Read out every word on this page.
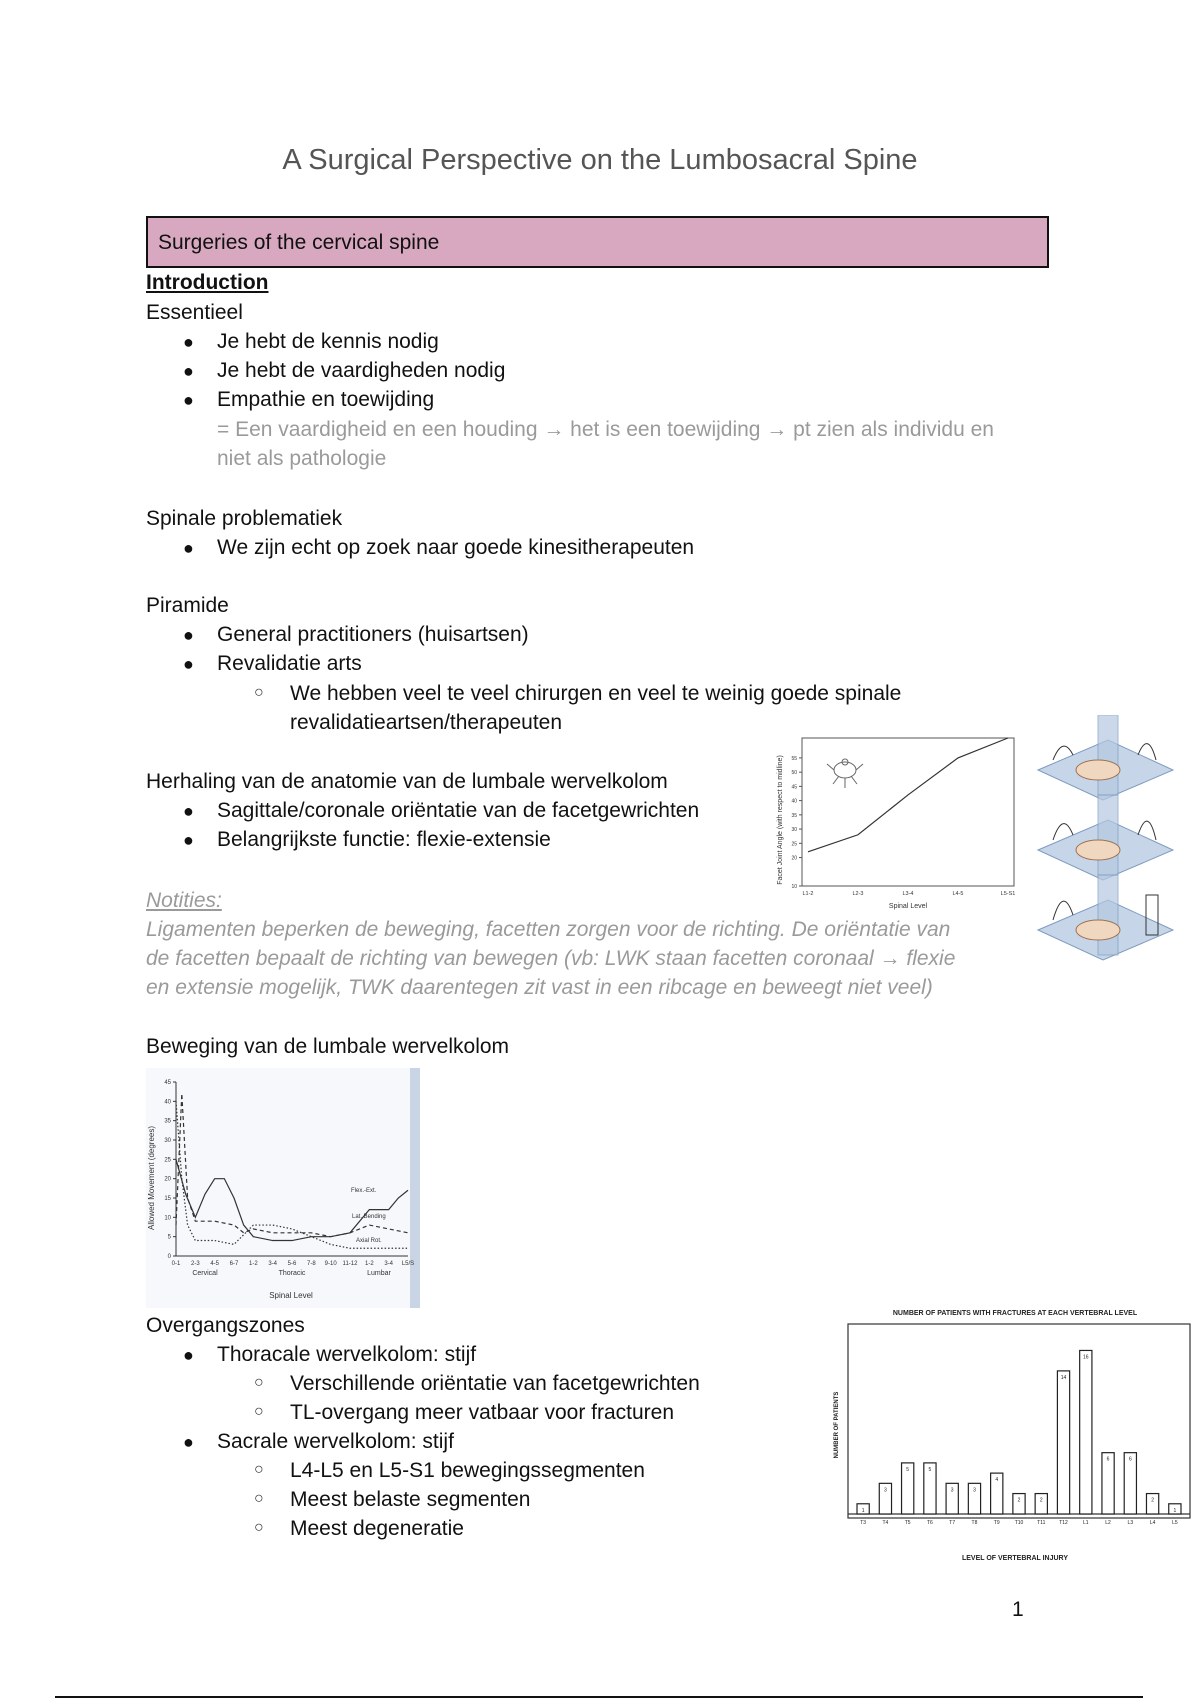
A Surgical Perspective on the Lumbosacral Spine
Surgeries of the cervical spine
Introduction
Essentieel
● Je hebt de kennis nodig
● Je hebt de vaardigheden nodig
● Empathie en toewijding
= Een vaardigheid en een houding → het is een toewijding → pt zien als individu en
niet als pathologie
Spinale problematiek
● We zijn echt op zoek naar goede kinesitherapeuten
Piramide
● General practitioners (huisartsen)
● Revalidatie arts
○ We hebben veel te veel chirurgen en veel te weinig goede spinale
revalidatieartsen/therapeuten
Herhaling van de anatomie van de lumbale wervelkolom
● Sagittale/coronale oriëntatie van de facetgewrichten
● Belangrijkste functie: flexie-extensie
Notities:
Ligamenten beperken de beweging, facetten zorgen voor de richting. De oriëntatie van
de facetten bepaalt de richting van bewegen (vb: LWK staan facetten coronaal → flexie
en extensie mogelijk, TWK daarentegen zit vast in een ribcage en beweegt niet veel)
Beweging van de lumbale wervelkolom
Overgangszones
● Thoracale wervelkolom: stijf
○ Verschillende oriëntatie van facetgewrichten
○ TL-overgang meer vatbaar voor fracturen
● Sacrale wervelkolom: stijf
○ L4-L5 en L5-S1 bewegingssegmenten
○ Meest belaste segmenten
○ Meest degeneratie
10
20
25
30
35
40
45
50
55
L1-2	L2-3	L3-4	L4-5	L5-S1
Facet Joint Angle (with respect to midline)
Spinal Level
0
5
10
15
20
25
30
35
40
45
0-1 2-3 4-5 6-7 1-2 3-4 5-6 7-8 9-10 11-12 1-2 3-4 L5/S
Cervical	Thoracic	Lumbar
Flex.-Ext.
Lat. Bending
Axial Rot.
Allowed Movement (degrees)
Spinal Level
NUMBER OF PATIENTS WITH FRACTURES AT EACH VERTEBRAL LEVEL
1
T3
3
T4
5
T5
5
T6
3
T7
3
T8
4
T9
2
T10
2
T11
14
T12
16
L1
6
L2
6
L3
2
L4
1
L5
NUMBER OF PATIENTS
LEVEL OF VERTEBRAL INJURY
1
